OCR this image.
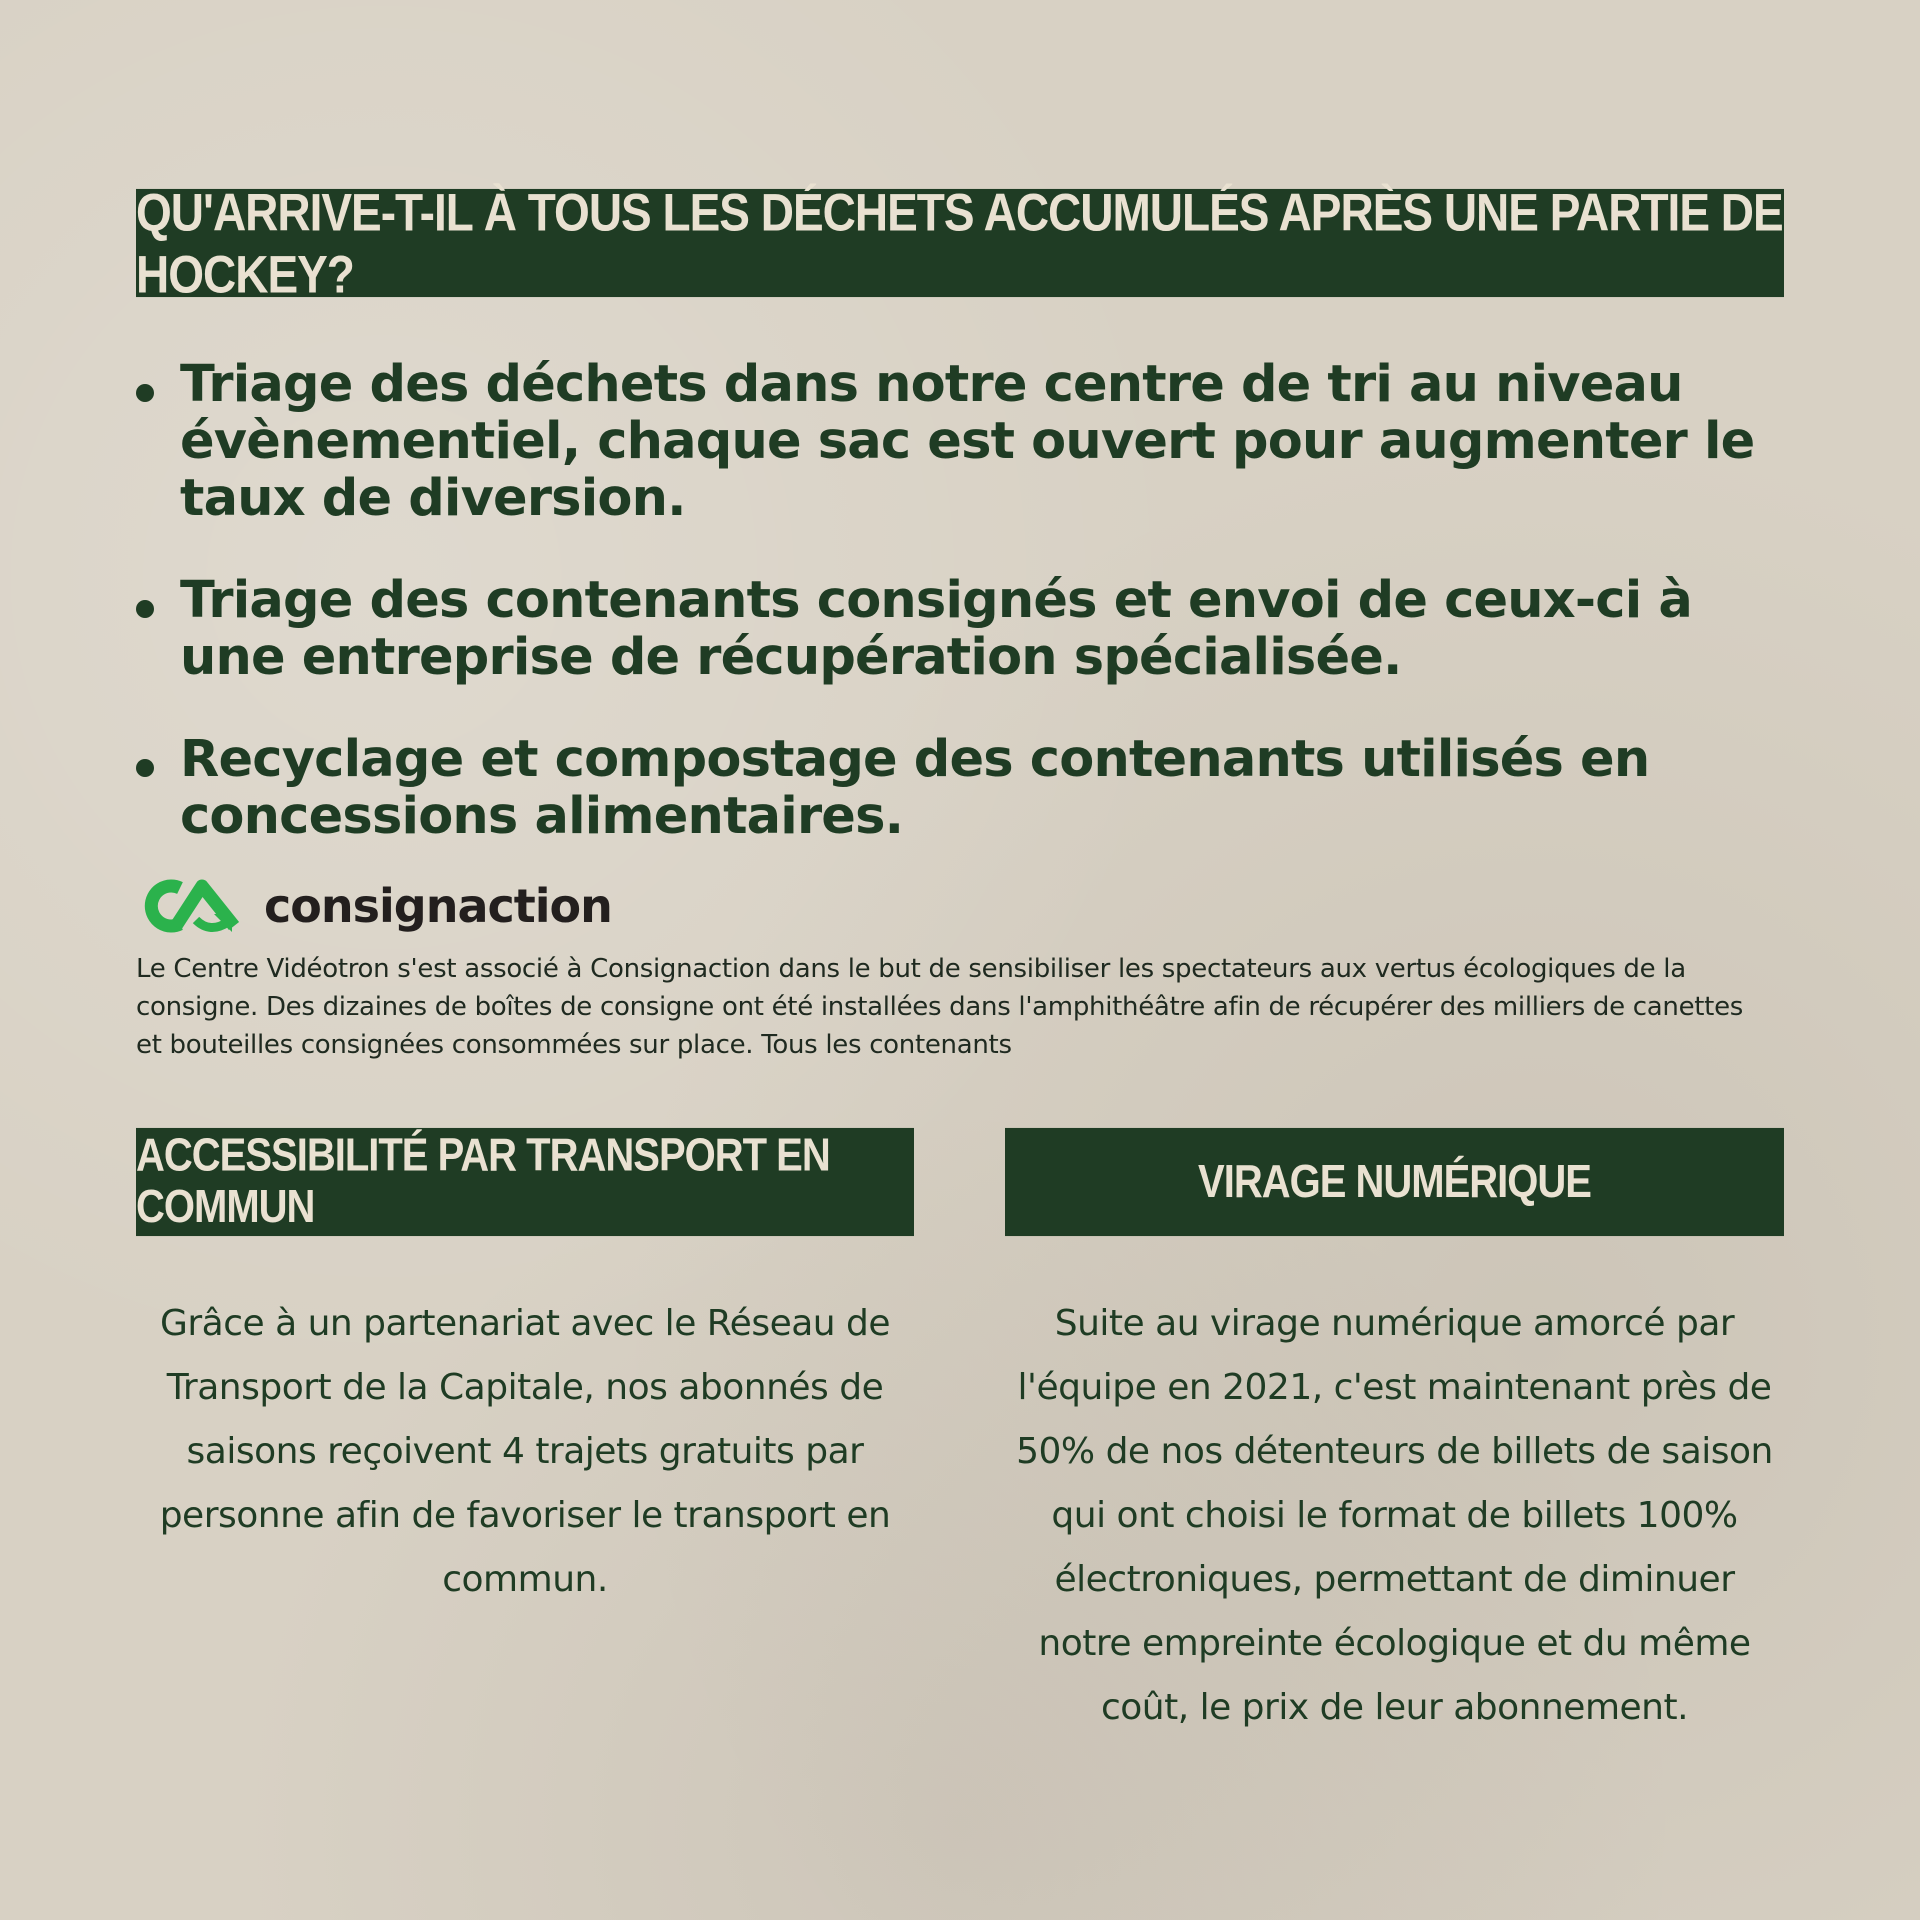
QU'ARRIVE-T-IL À TOUS LES DÉCHETS ACCUMULÉS APRÈS UNE PARTIE DE HOCKEY?
Triage des déchets dans notre centre de tri au niveau évènementiel, chaque sac est ouvert pour augmenter le taux de diversion.
Triage des contenants consignés et envoi de ceux-ci à une entreprise de récupération spécialisée.
Recyclage et compostage des contenants utilisés en concessions alimentaires.
consignaction
Le Centre Vidéotron s'est associé à Consignaction dans le but de sensibiliser les spectateurs aux vertus écologiques de la consigne. Des dizaines de boîtes de consigne ont été installées dans l'amphithéâtre afin de récupérer des milliers de canettes et bouteilles consignées consommées sur place. Tous les contenants
ACCESSIBILITÉ PAR TRANSPORT EN COMMUN
VIRAGE NUMÉRIQUE
Grâce à un partenariat avec le Réseau de Transport de la Capitale, nos abonnés de saisons reçoivent 4 trajets gratuits par personne afin de favoriser le transport en commun.
Suite au virage numérique amorcé par l'équipe en 2021, c'est maintenant près de 50% de nos détenteurs de billets de saison qui ont choisi le format de billets 100% électroniques, permettant de diminuer notre empreinte écologique et du même coût, le prix de leur abonnement.
